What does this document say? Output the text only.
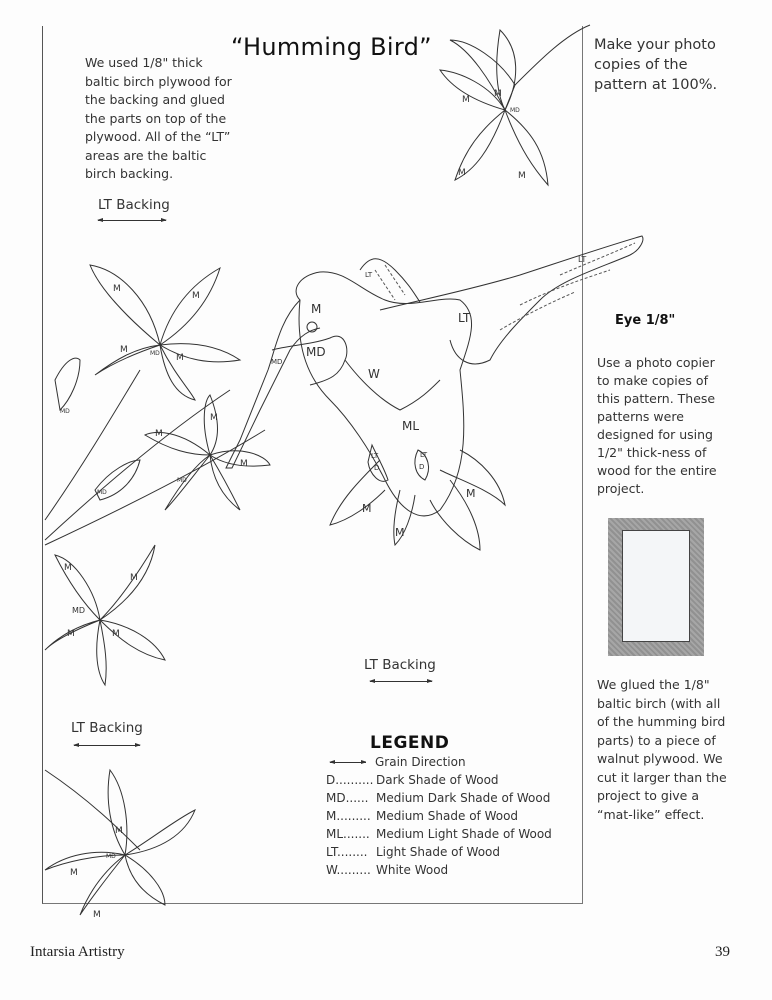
M
MD
MD
W
ML
LT
LT
LT
LT	LT
D	D
M
M
M
M
M
MD
M	M
M
M
MD
M
M
M
M
MD
M
MD
MD
M
M
MD
M	M
M
MD
M
M
“Humming Bird”
We used 1/8" thick baltic birch plywood for the backing and glued the parts on top of the plywood. All of the “LT” areas are the baltic birch backing.
Make your photo copies of the pattern at 100%.
Eye 1/8"
Use a photo copier to make copies of this pattern. These patterns were designed for using 1/2" thick-ness of wood for the entire project.
We glued the 1/8" baltic birch (with all of the humming bird parts) to a piece of walnut plywood. We cut it larger than the project to give a “mat-like” effect.
LT Backing
LT Backing
LT Backing
LEGEND
Grain Direction
D.......... Dark Shade of Wood
MD...... Medium Dark Shade of Wood
M......... Medium Shade of Wood
ML....... Medium Light Shade of Wood
LT........ Light Shade of Wood
W......... White Wood
Intarsia Artistry	39
